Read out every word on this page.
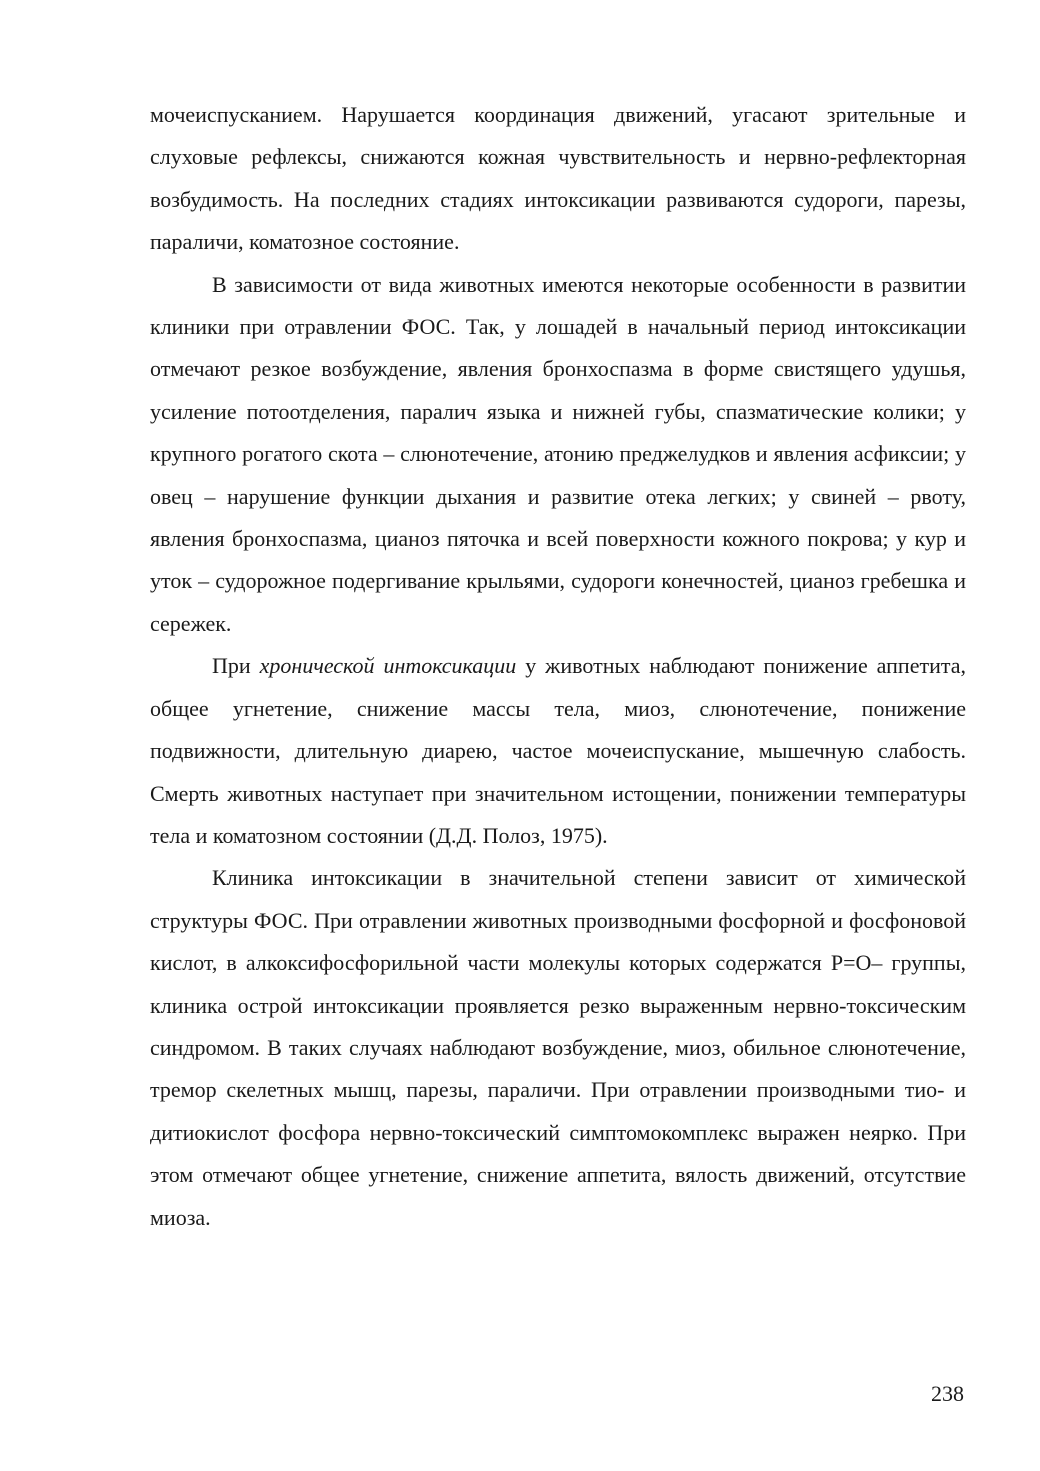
мочеиспусканием. Нарушается координация движений, угасают зрительные и слуховые рефлексы, снижаются кожная чувствительность и нервно-рефлекторная возбудимость. На последних стадиях интоксикации развиваются судороги, парезы, параличи, коматозное состояние.

В зависимости от вида животных имеются некоторые особенности в развитии клиники при отравлении ФОС. Так, у лошадей в начальный период интоксикации отмечают резкое возбуждение, явления бронхоспазма в форме свистящего удушья, усиление потоотделения, паралич языка и нижней губы, спазматические колики; у крупного рогатого скота – слюнотечение, атонию преджелудков и явления асфиксии; у овец – нарушение функции дыхания и развитие отека легких; у свиней – рвоту, явления бронхоспазма, цианоз пяточка и всей поверхности кожного покрова; у кур и уток – судорожное подергивание крыльями, судороги конечностей, цианоз гребешка и сережек.

При хронической интоксикации у животных наблюдают понижение аппетита, общее угнетение, снижение массы тела, миоз, слюнотечение, понижение подвижности, длительную диарею, частое мочеиспускание, мышечную слабость. Смерть животных наступает при значительном истощении, понижении температуры тела и коматозном состоянии (Д.Д. Полоз, 1975).

Клиника интоксикации в значительной степени зависит от химической структуры ФОС. При отравлении животных производными фосфорной и фосфоновой кислот, в алкоксифосфорильной части молекулы которых содержатся Р=О– группы, клиника острой интоксикации проявляется резко выраженным нервно-токсическим синдромом. В таких случаях наблюдают возбуждение, миоз, обильное слюнотечение, тремор скелетных мышц, парезы, параличи. При отравлении производными тио- и дитиокислот фосфора нервно-токсический симптомокомплекс выражен неярко. При этом отмечают общее угнетение, снижение аппетита, вялость движений, отсутствие миоза.

238
